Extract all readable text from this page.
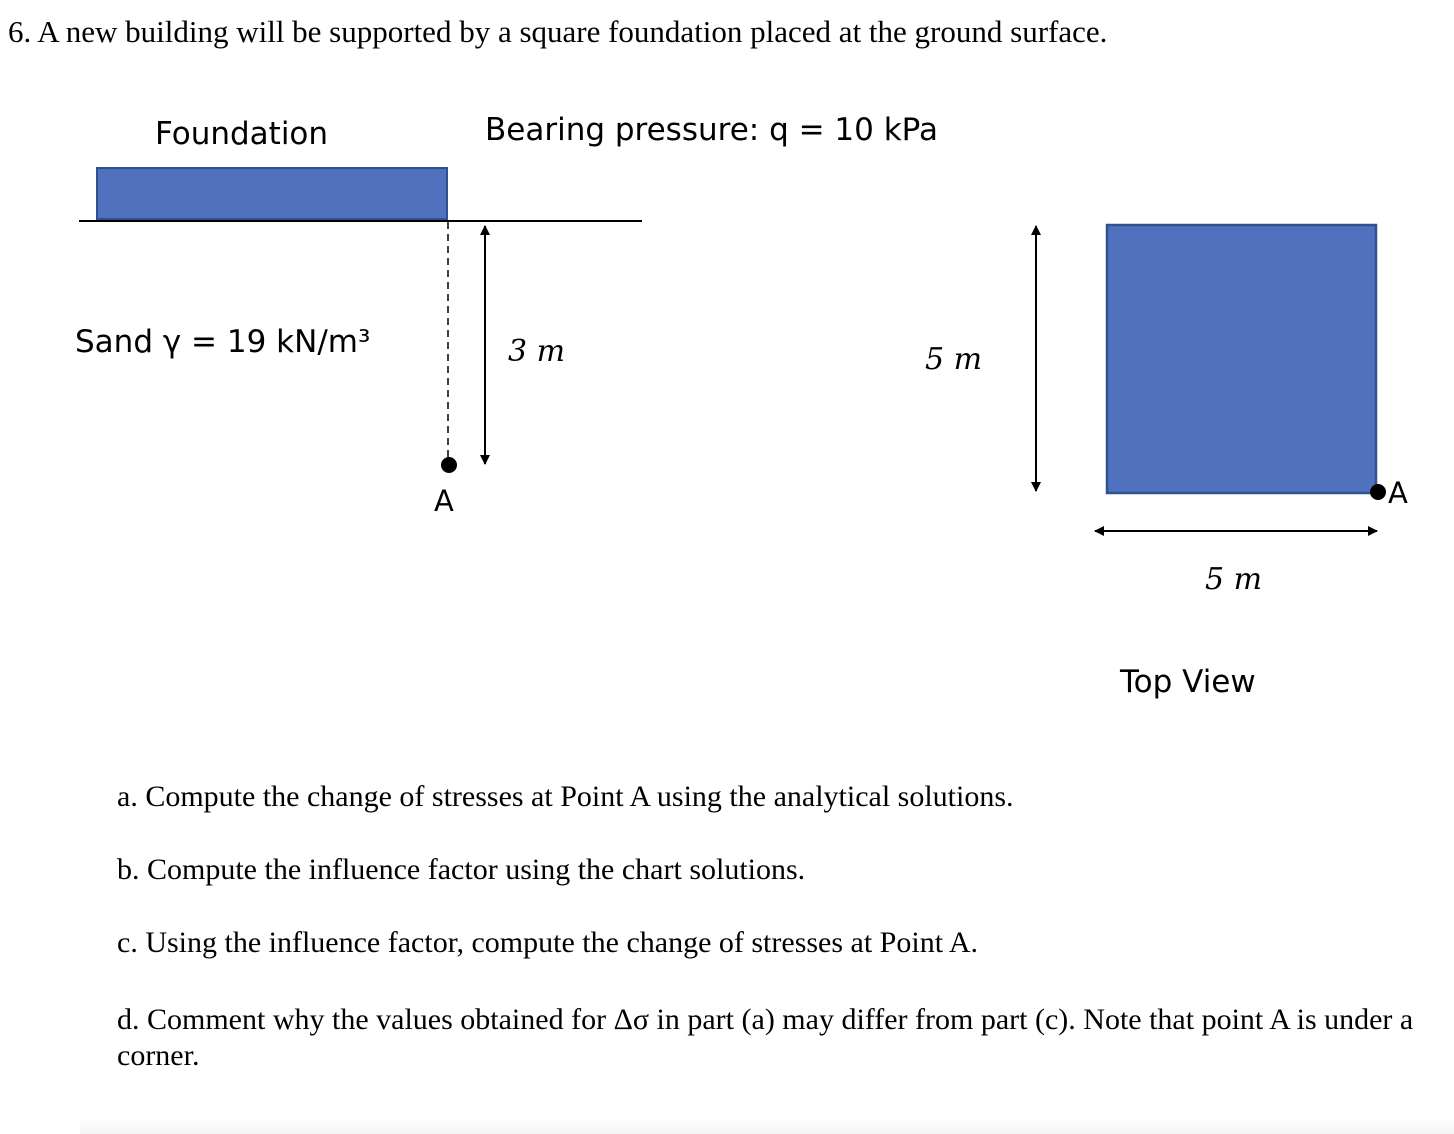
6. A new building will be supported by a square foundation placed at the ground surface.
Foundation	Bearing pressure: q = 10 kPa
Sand γ = 19 kN/m³	3 m	5 m
5 m
Top View
A	A
a. Compute the change of stresses at Point A using the analytical solutions.
b. Compute the influence factor using the chart solutions.
c. Using the influence factor, compute the change of stresses at Point A.
d. Comment why the values obtained for Δσ in part (a) may differ from part (c). Note that point A is under a corner.
